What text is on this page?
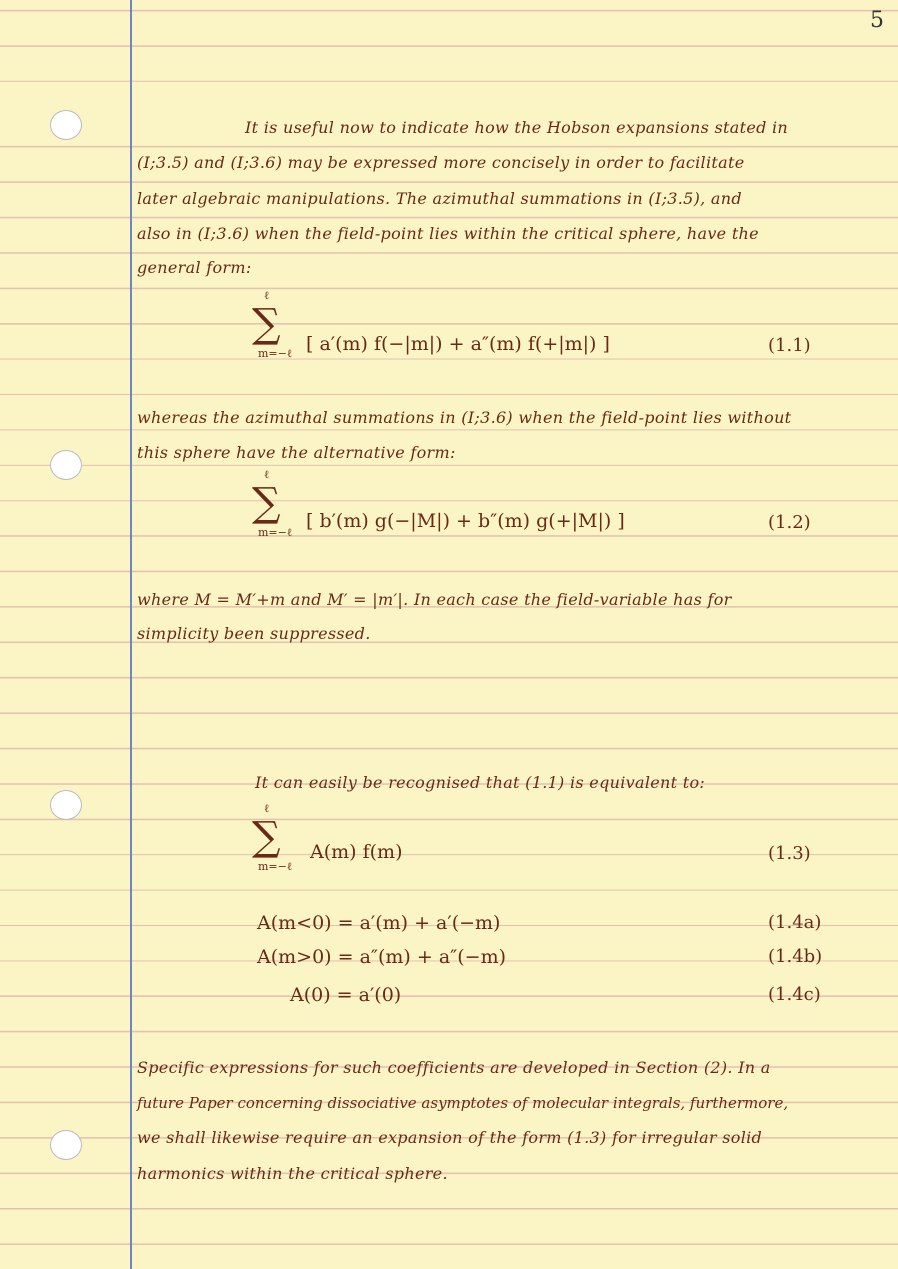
5
It is useful now to indicate how the Hobson expansions stated in
(I;3.5) and (I;3.6) may be expressed more concisely in order to facilitate
later algebraic manipulations. The azimuthal summations in (I;3.5), and
also in (I;3.6) when the field-point lies within the critical sphere, have the
general form:
ℓ
∑
m=−ℓ [ a′(m) f(−|m|) + a″(m) f(+|m|) ]	(1.1)
whereas the azimuthal summations in (I;3.6) when the field-point lies without
this sphere have the alternative form:
ℓ
∑
m=−ℓ
[ b′(m) g(−|M|) + b″(m) g(+|M|) ]	(1.2)
where M = M′+m and M′ = |m′|. In each case the field-variable has for
simplicity been suppressed.
It can easily be recognised that (1.1) is equivalent to:
ℓ
∑
m=−ℓ
A(m) f(m)	(1.3)
A(m<0) = a′(m) + a′(−m)	(1.4a)
A(m>0) = a″(m) + a″(−m)	(1.4b)
A(0) = a′(0)	(1.4c)
Specific expressions for such coefficients are developed in Section (2). In a
future Paper concerning dissociative asymptotes of molecular integrals, furthermore,
we shall likewise require an expansion of the form (1.3) for irregular solid
harmonics within the critical sphere.
